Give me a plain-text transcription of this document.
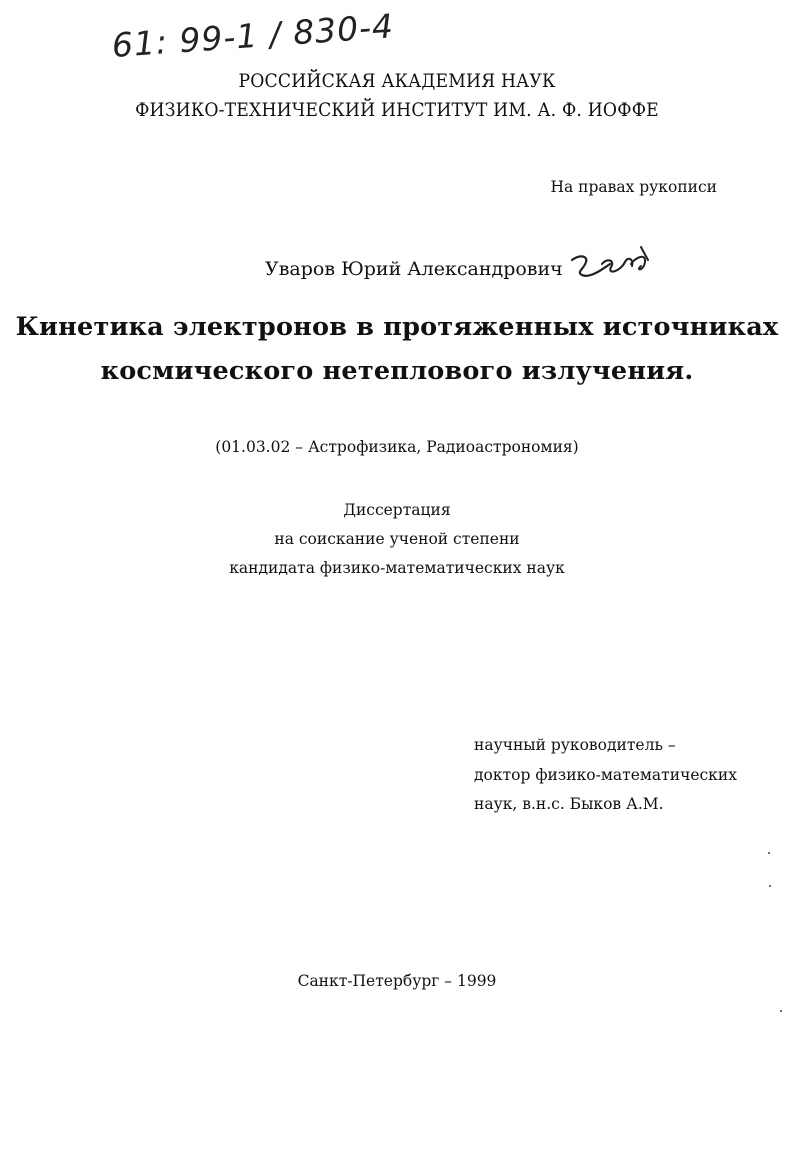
61: 99-1 / 830-4
РОССИЙСКАЯ АКАДЕМИЯ НАУК
ФИЗИКО-ТЕХНИЧЕСКИЙ ИНСТИТУТ ИМ. А. Ф. ИОФФЕ
На правах рукописи
Уваров Юрий Александрович
Кинетика электронов в протяженных источниках
космического нетеплового излучения.
(01.03.02 – Астрофизика, Радиоастрономия)
Диссертация
на соискание ученой степени
кандидата физико-математических наук
научный руководитель –
доктор физико-математических
наук, в.н.с. Быков А.М.
Санкт-Петербург – 1999
